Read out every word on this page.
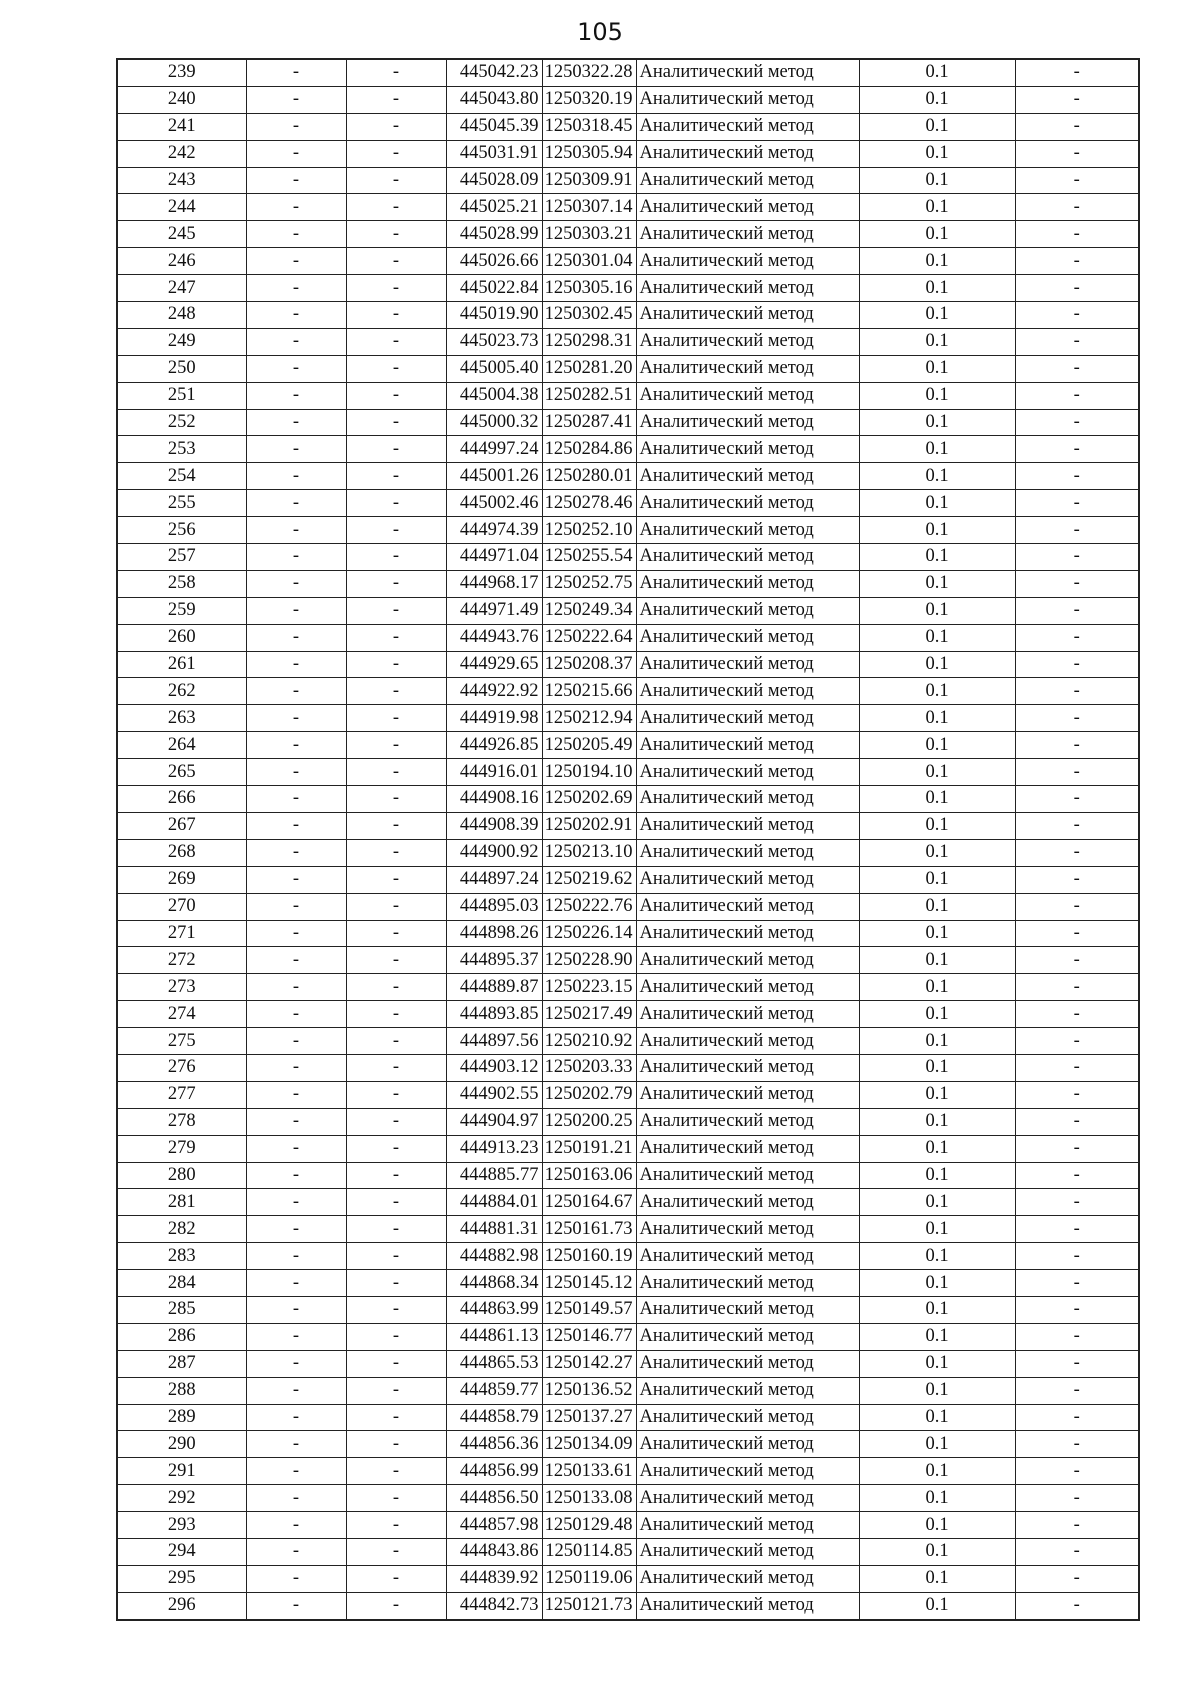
105
239	-	-	445042.23	1250322.28	Аналитический метод	0.1	-
240	-	-	445043.80	1250320.19	Аналитический метод	0.1	-
241	-	-	445045.39	1250318.45	Аналитический метод	0.1	-
242	-	-	445031.91	1250305.94	Аналитический метод	0.1	-
243	-	-	445028.09	1250309.91	Аналитический метод	0.1	-
244	-	-	445025.21	1250307.14	Аналитический метод	0.1	-
245	-	-	445028.99	1250303.21	Аналитический метод	0.1	-
246	-	-	445026.66	1250301.04	Аналитический метод	0.1	-
247	-	-	445022.84	1250305.16	Аналитический метод	0.1	-
248	-	-	445019.90	1250302.45	Аналитический метод	0.1	-
249	-	-	445023.73	1250298.31	Аналитический метод	0.1	-
250	-	-	445005.40	1250281.20	Аналитический метод	0.1	-
251	-	-	445004.38	1250282.51	Аналитический метод	0.1	-
252	-	-	445000.32	1250287.41	Аналитический метод	0.1	-
253	-	-	444997.24	1250284.86	Аналитический метод	0.1	-
254	-	-	445001.26	1250280.01	Аналитический метод	0.1	-
255	-	-	445002.46	1250278.46	Аналитический метод	0.1	-
256	-	-	444974.39	1250252.10	Аналитический метод	0.1	-
257	-	-	444971.04	1250255.54	Аналитический метод	0.1	-
258	-	-	444968.17	1250252.75	Аналитический метод	0.1	-
259	-	-	444971.49	1250249.34	Аналитический метод	0.1	-
260	-	-	444943.76	1250222.64	Аналитический метод	0.1	-
261	-	-	444929.65	1250208.37	Аналитический метод	0.1	-
262	-	-	444922.92	1250215.66	Аналитический метод	0.1	-
263	-	-	444919.98	1250212.94	Аналитический метод	0.1	-
264	-	-	444926.85	1250205.49	Аналитический метод	0.1	-
265	-	-	444916.01	1250194.10	Аналитический метод	0.1	-
266	-	-	444908.16	1250202.69	Аналитический метод	0.1	-
267	-	-	444908.39	1250202.91	Аналитический метод	0.1	-
268	-	-	444900.92	1250213.10	Аналитический метод	0.1	-
269	-	-	444897.24	1250219.62	Аналитический метод	0.1	-
270	-	-	444895.03	1250222.76	Аналитический метод	0.1	-
271	-	-	444898.26	1250226.14	Аналитический метод	0.1	-
272	-	-	444895.37	1250228.90	Аналитический метод	0.1	-
273	-	-	444889.87	1250223.15	Аналитический метод	0.1	-
274	-	-	444893.85	1250217.49	Аналитический метод	0.1	-
275	-	-	444897.56	1250210.92	Аналитический метод	0.1	-
276	-	-	444903.12	1250203.33	Аналитический метод	0.1	-
277	-	-	444902.55	1250202.79	Аналитический метод	0.1	-
278	-	-	444904.97	1250200.25	Аналитический метод	0.1	-
279	-	-	444913.23	1250191.21	Аналитический метод	0.1	-
280	-	-	444885.77	1250163.06	Аналитический метод	0.1	-
281	-	-	444884.01	1250164.67	Аналитический метод	0.1	-
282	-	-	444881.31	1250161.73	Аналитический метод	0.1	-
283	-	-	444882.98	1250160.19	Аналитический метод	0.1	-
284	-	-	444868.34	1250145.12	Аналитический метод	0.1	-
285	-	-	444863.99	1250149.57	Аналитический метод	0.1	-
286	-	-	444861.13	1250146.77	Аналитический метод	0.1	-
287	-	-	444865.53	1250142.27	Аналитический метод	0.1	-
288	-	-	444859.77	1250136.52	Аналитический метод	0.1	-
289	-	-	444858.79	1250137.27	Аналитический метод	0.1	-
290	-	-	444856.36	1250134.09	Аналитический метод	0.1	-
291	-	-	444856.99	1250133.61	Аналитический метод	0.1	-
292	-	-	444856.50	1250133.08	Аналитический метод	0.1	-
293	-	-	444857.98	1250129.48	Аналитический метод	0.1	-
294	-	-	444843.86	1250114.85	Аналитический метод	0.1	-
295	-	-	444839.92	1250119.06	Аналитический метод	0.1	-
296	-	-	444842.73	1250121.73	Аналитический метод	0.1	-
